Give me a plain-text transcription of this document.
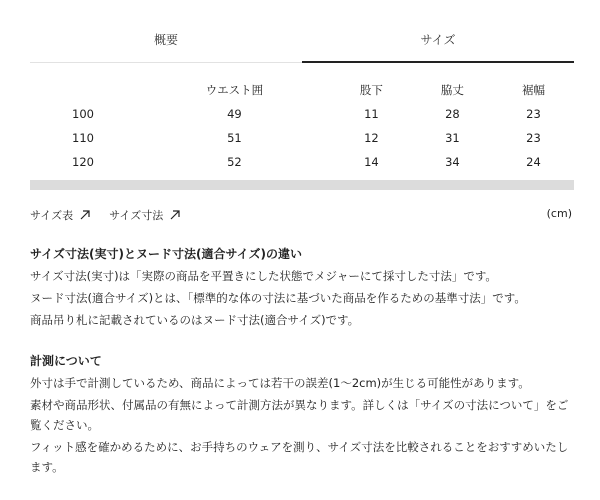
概要	サイズ
	ウエスト囲	股下	脇丈	裾幅
100	49	11	28	23
110	51	12	31	23
120	52	14	34	24
サイズ表	サイズ寸法	(cm)
サイズ寸法(実寸)とヌード寸法(適合サイズ)の違い

サイズ寸法(実寸)は「実際の商品を平置きにした状態でメジャーにて採寸した寸法」です。

ヌード寸法(適合サイズ)とは、「標準的な体の寸法に基づいた商品を作るための基準寸法」です。

商品吊り札に記載されているのはヌード寸法(適合サイズ)です。

計測について

外寸は手で計測しているため、商品によっては若干の誤差(1〜2cm)が生じる可能性があります。

素材や商品形状、付属品の有無によって計測方法が異なります。詳しくは「サイズの寸法について」をご覧ください。

フィット感を確かめるために、お手持ちのウェアを測り、サイズ寸法を比較されることをおすすめいたします。
